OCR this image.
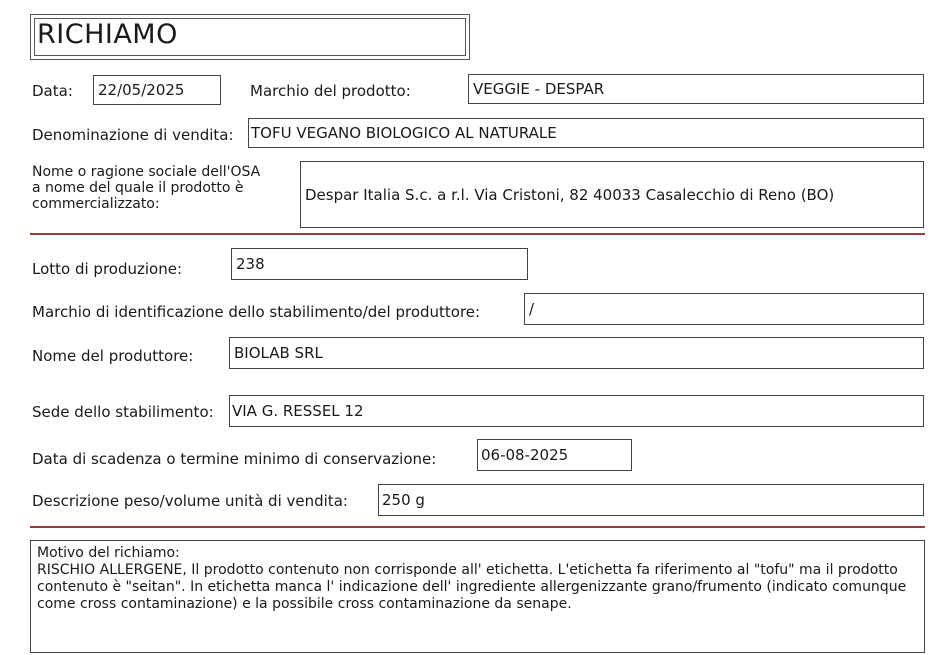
RICHIAMO
Data: 22/05/2025	Marchio del prodotto:	VEGGIE - DESPAR
Denominazione di vendita: TOFU VEGANO BIOLOGICO AL NATURALE
Nome o ragione sociale dell'OSA
a nome del quale il prodotto è
commercializzato:
Despar Italia S.c. a r.l. Via Cristoni, 82 40033 Casalecchio di Reno (BO)
Lotto di produzione:	238
Marchio di identificazione dello stabilimento/del produttore:	/
Nome del produttore:	BIOLAB SRL
Sede dello stabilimento: VIA G. RESSEL 12
Data di scadenza o termine minimo di conservazione:	06-08-2025
Descrizione peso/volume unità di vendita: 250 g
Motivo del richiamo:
RISCHIO ALLERGENE, Il prodotto contenuto non corrisponde all' etichetta. L'etichetta fa riferimento al "tofu" ma il prodotto contenuto è "seitan". In etichetta manca l' indicazione dell' ingrediente allergenizzante grano/frumento (indicato comunque come cross contaminazione) e la possibile cross contaminazione da senape.
